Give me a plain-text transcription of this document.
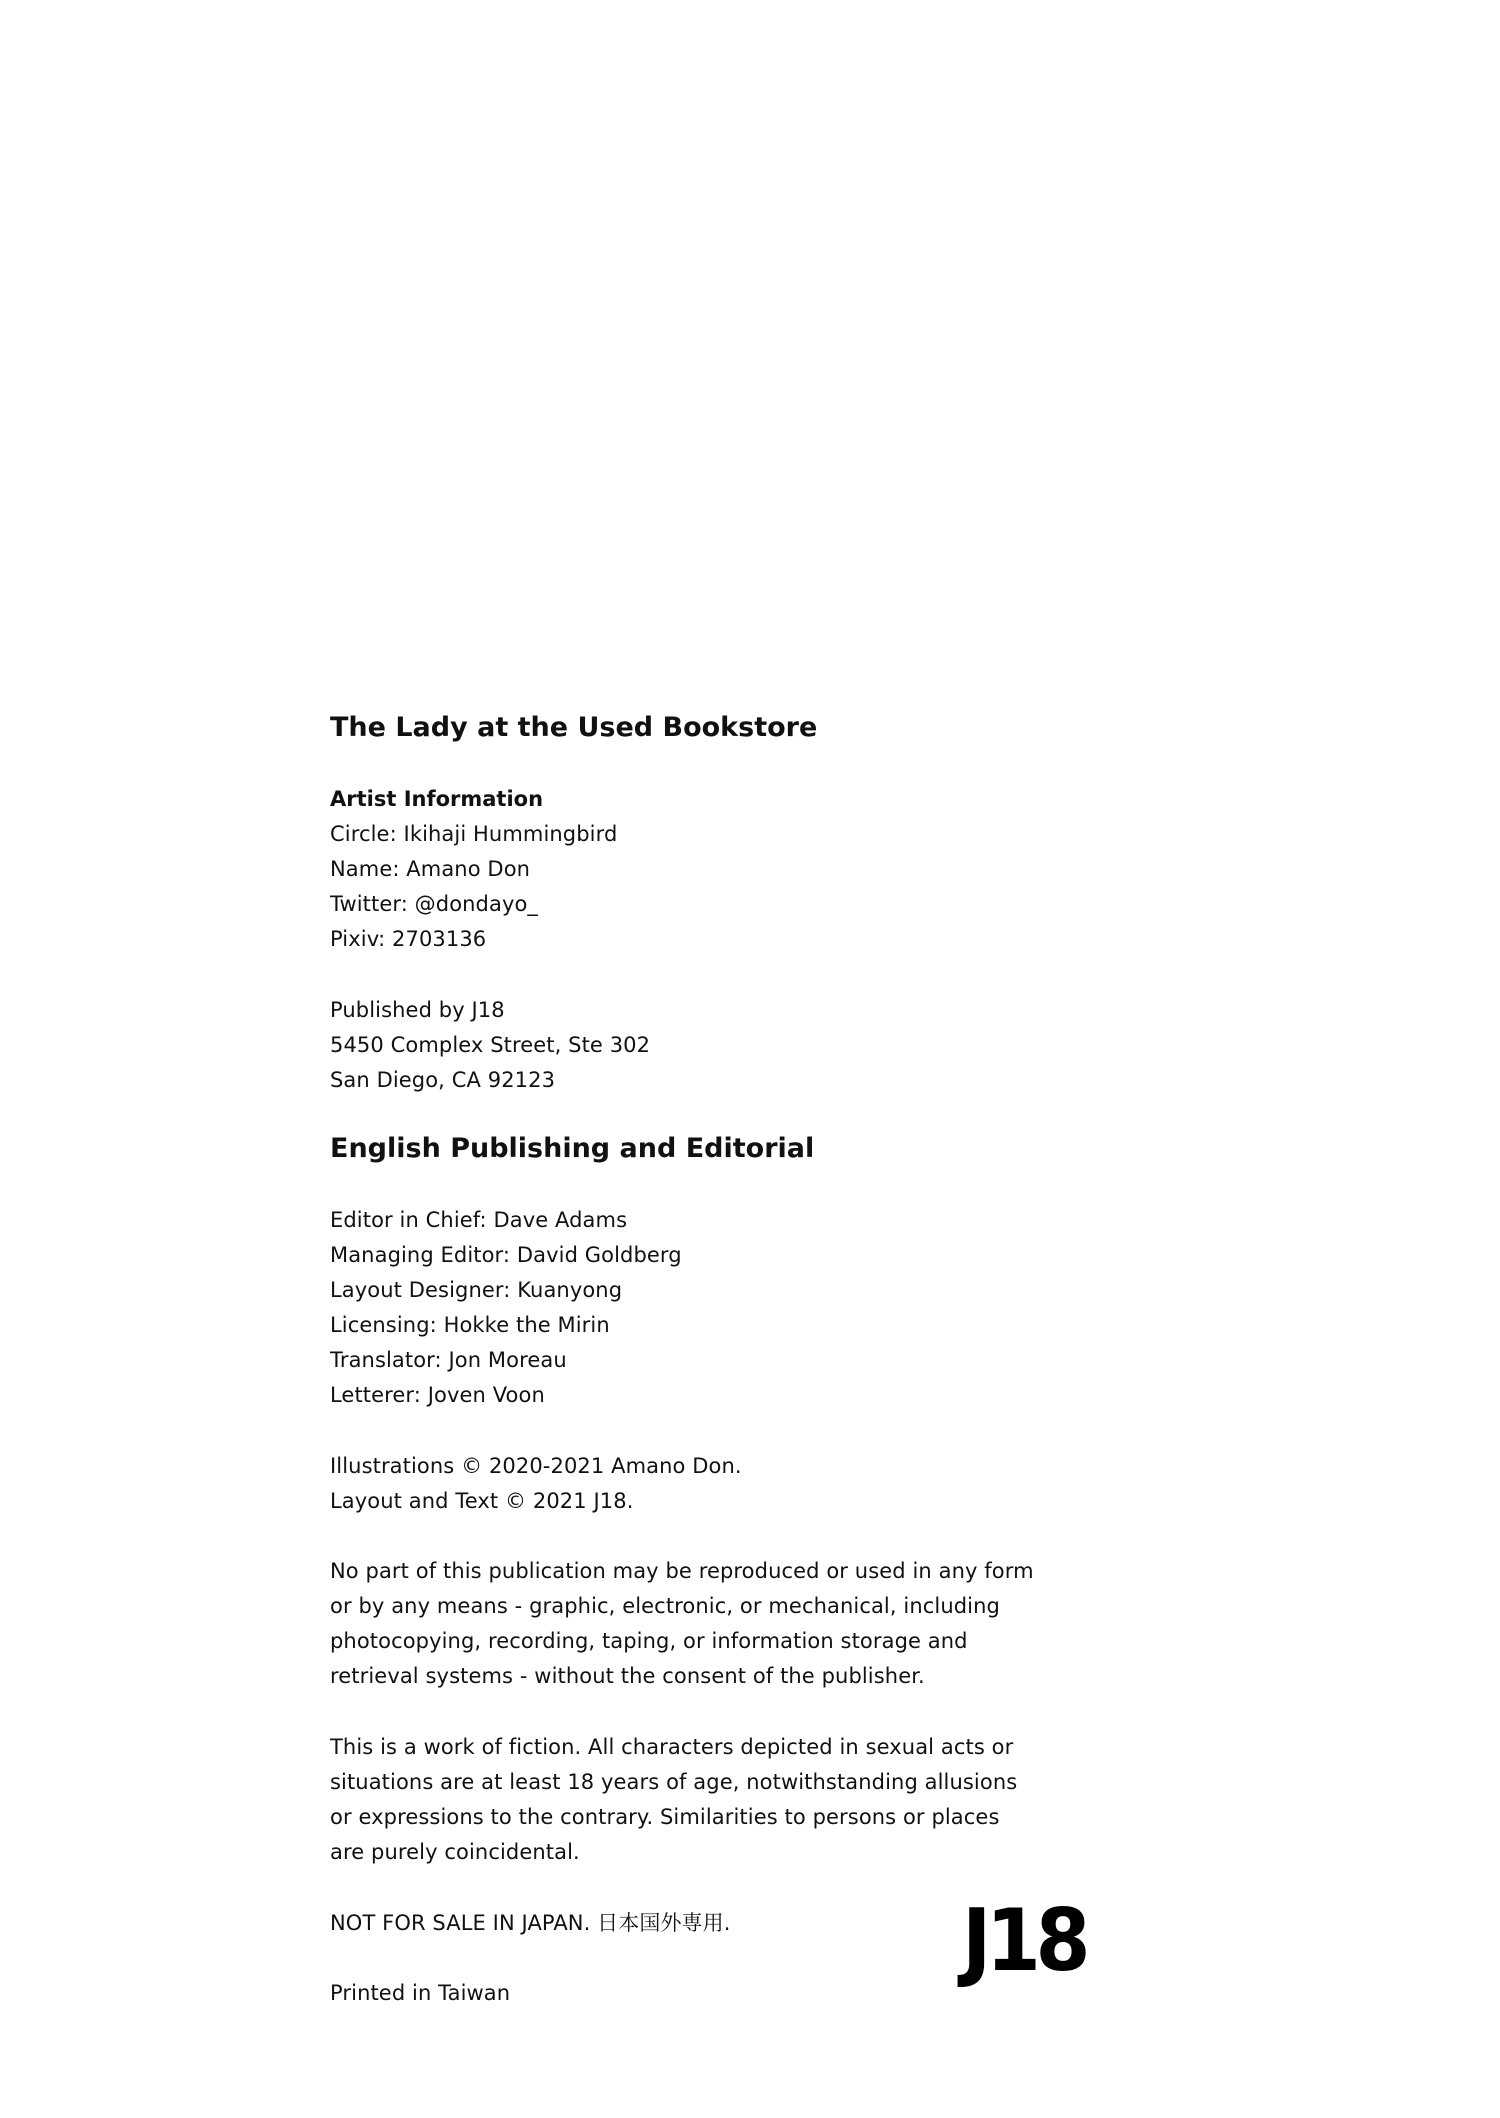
The Lady at the Used Bookstore
Artist Information
Circle: Ikihaji Hummingbird
Name: Amano Don
Twitter: @dondayo_
Pixiv: 2703136
Published by J18
5450 Complex Street, Ste 302
San Diego, CA 92123
English Publishing and Editorial
Editor in Chief: Dave Adams
Managing Editor: David Goldberg
Layout Designer: Kuanyong
Licensing: Hokke the Mirin
Translator: Jon Moreau
Letterer: Joven Voon
Illustrations © 2020-2021 Amano Don.
Layout and Text © 2021 J18.
No part of this publication may be reproduced or used in any form
or by any means - graphic, electronic, or mechanical, including
photocopying, recording, taping, or information storage and
retrieval systems - without the consent of the publisher.
This is a work of fiction. All characters depicted in sexual acts or
situations are at least 18 years of age, notwithstanding allusions
or expressions to the contrary. Similarities to persons or places
are purely coincidental.
NOT FOR SALE IN JAPAN. 日本国外専用.
Printed in Taiwan
J18
